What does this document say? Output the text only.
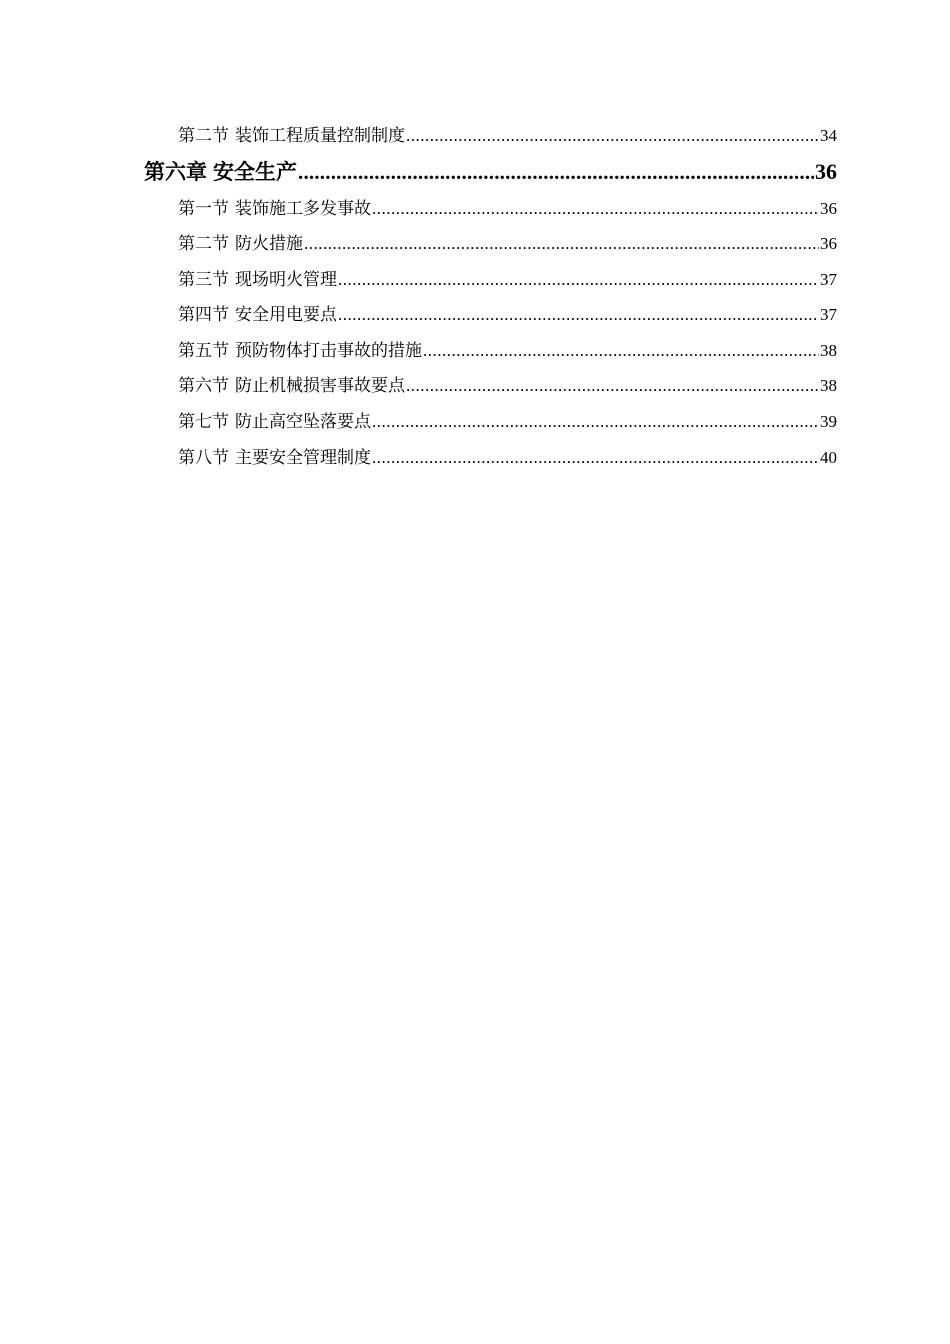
第二节 装饰工程质量控制制度 .....	34
第六章 安全生产 .....	36
第一节 装饰施工多发事故 .....	36
第二节 防火措施 .....	36
第三节 现场明火管理 .....	37
第四节 安全用电要点 .....	37
第五节 预防物体打击事故的措施 .....	38
第六节 防止机械损害事故要点 .....	38
第七节 防止高空坠落要点 .....	39
第八节 主要安全管理制度 .....	40
